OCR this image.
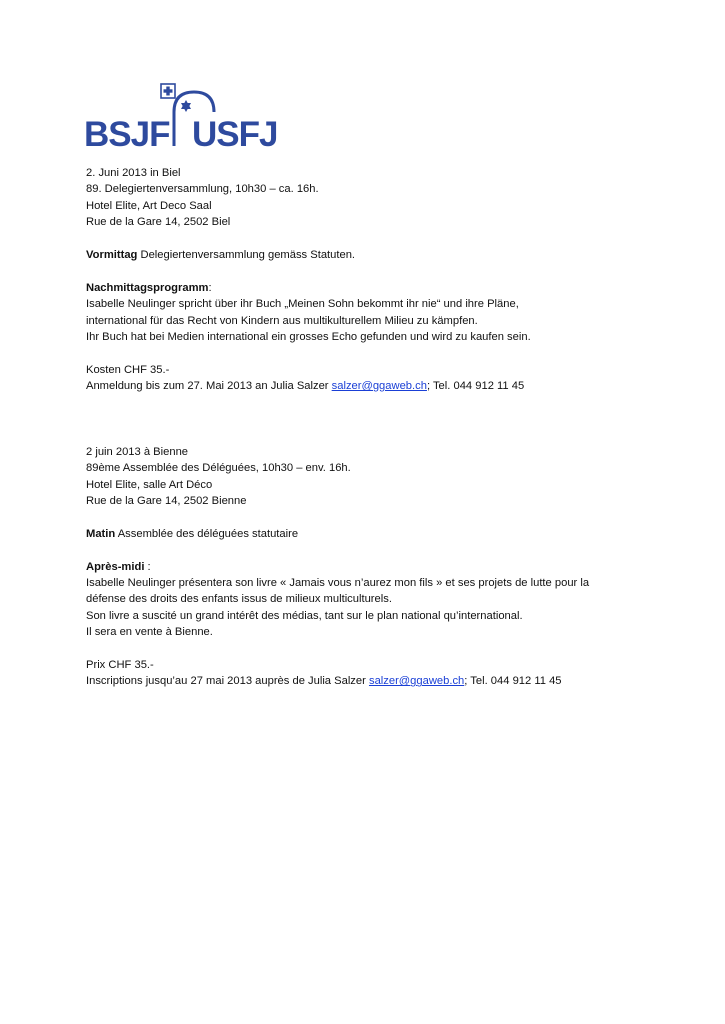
BSJF USFJ

2. Juni 2013 in Biel

89. Delegiertenversammlung, 10h30 – ca. 16h.

Hotel Elite, Art Deco Saal

Rue de la Gare 14, 2502 Biel

Vormittag Delegiertenversammlung gemäss Statuten.

Nachmittagsprogramm:

Isabelle Neulinger spricht über ihr Buch „Meinen Sohn bekommt ihr nie“ und ihre Pläne,

international für das Recht von Kindern aus multikulturellem Milieu zu kämpfen.

Ihr Buch hat bei Medien international ein grosses Echo gefunden und wird zu kaufen sein.

Kosten CHF 35.-

Anmeldung bis zum 27. Mai 2013 an Julia Salzer salzer@ggaweb.ch; Tel. 044 912 11 45

2 juin 2013 à Bienne

89ème Assemblée des Déléguées, 10h30 – env. 16h.

Hotel Elite, salle Art Déco

Rue de la Gare 14, 2502 Bienne

Matin Assemblée des déléguées statutaire

Après-midi :

Isabelle Neulinger présentera son livre « Jamais vous n’aurez mon fils » et ses projets de lutte pour la

défense des droits des enfants issus de milieux multiculturels.

Son livre a suscité un grand intérêt des médias, tant sur le plan national qu’international.

Il sera en vente à Bienne.

Prix CHF 35.-

Inscriptions jusqu’au 27 mai 2013 auprès de Julia Salzer salzer@ggaweb.ch; Tel. 044 912 11 45
